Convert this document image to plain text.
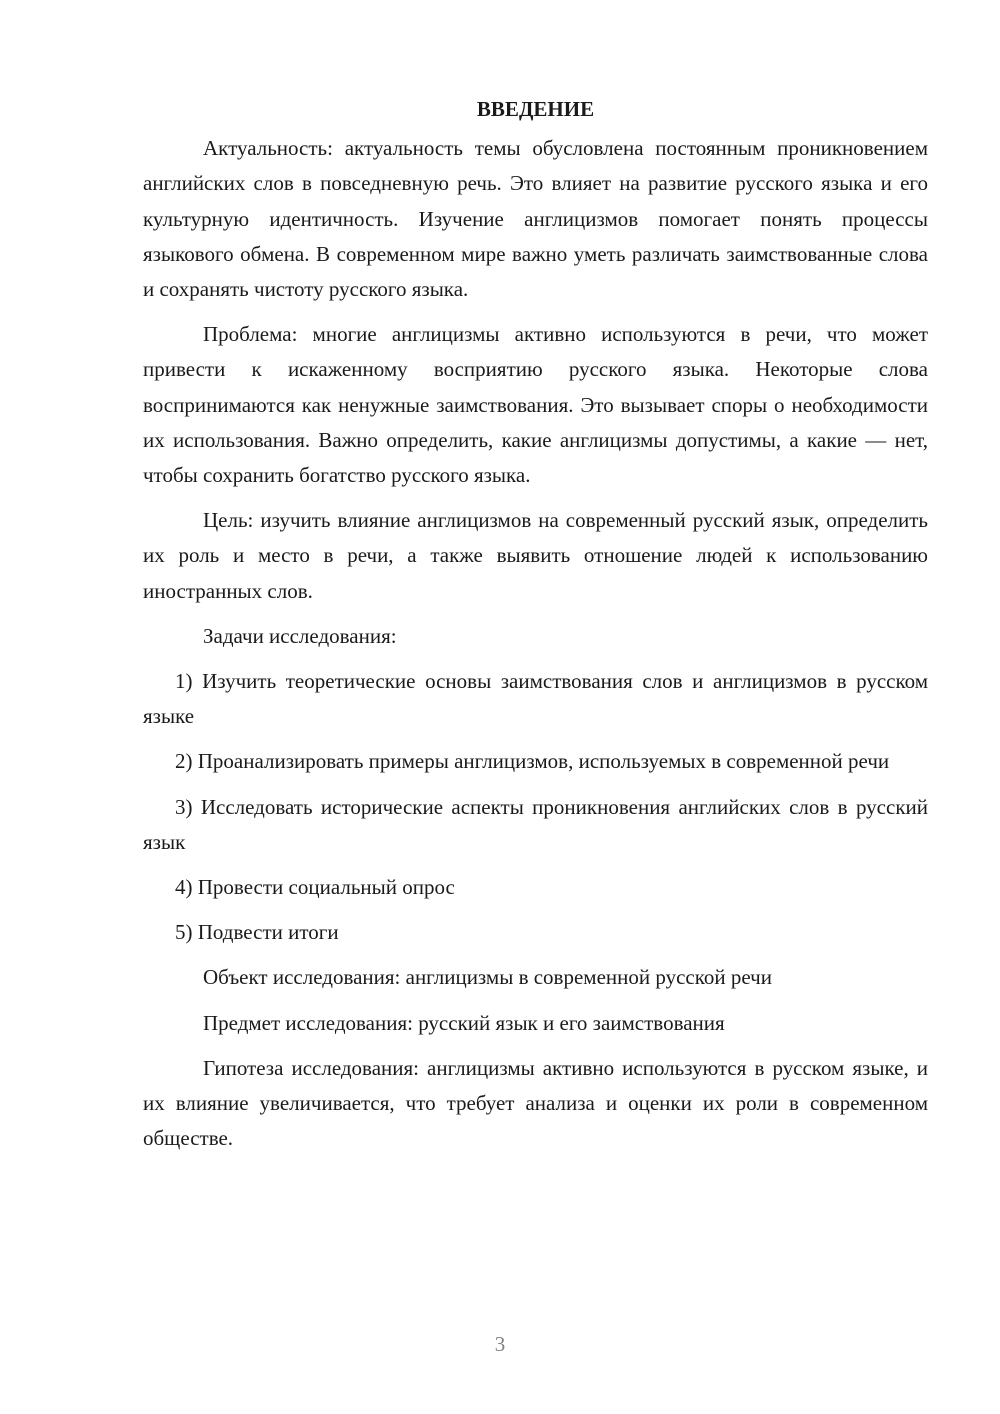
ВВЕДЕНИЕ

Актуальность: актуальность темы обусловлена постоянным проникновением английских слов в повседневную речь. Это влияет на развитие русского языка и его культурную идентичность. Изучение англицизмов помогает понять процессы языкового обмена. В современном мире важно уметь различать заимствованные слова и сохранять чистоту русского языка.

Проблема: многие англицизмы активно используются в речи, что может привести к искаженному восприятию русского языка. Некоторые слова воспринимаются как ненужные заимствования. Это вызывает споры о необходимости их использования. Важно определить, какие англицизмы допустимы, а какие — нет, чтобы сохранить богатство русского языка.

Цель: изучить влияние англицизмов на современный русский язык, определить их роль и место в речи, а также выявить отношение людей к использованию иностранных слов.

Задачи исследования:

1) Изучить теоретические основы заимствования слов и англицизмов в русском языке

2) Проанализировать примеры англицизмов, используемых в современной речи

3) Исследовать исторические аспекты проникновения английских слов в русский язык

4) Провести социальный опрос

5) Подвести итоги

Объект исследования: англицизмы в современной русской речи

Предмет исследования: русский язык и его заимствования

Гипотеза исследования: англицизмы активно используются в русском языке, и их влияние увеличивается, что требует анализа и оценки их роли в современном обществе.

3
